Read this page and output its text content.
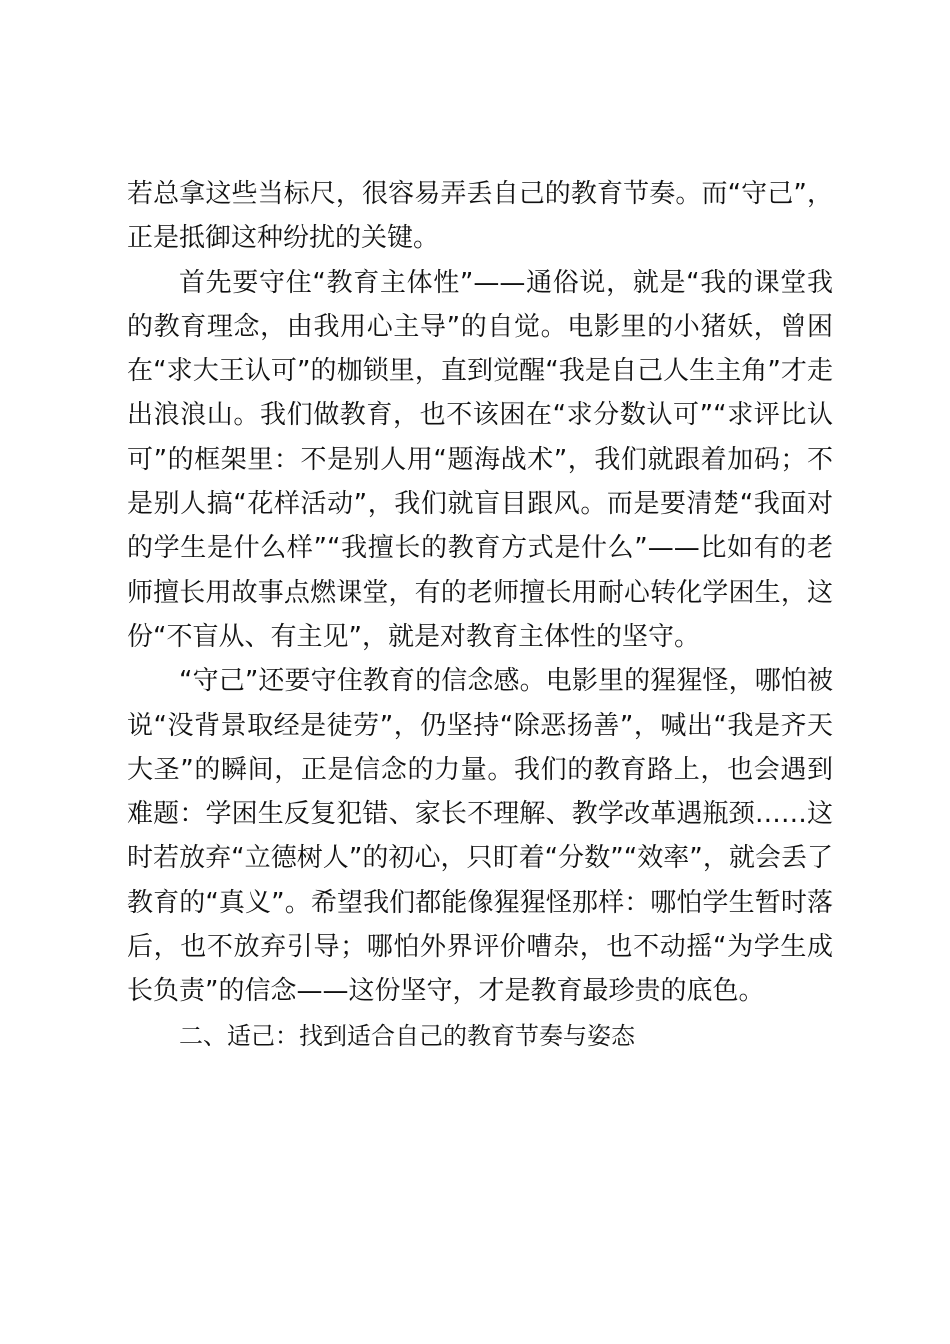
若总拿这些当标尺，很容易弄丢自己的教育节奏。而“守己”，正是抵御这种纷扰的关键。

首先要守住“教育主体性”——通俗说，就是“我的课堂我的教育理念，由我用心主导”的自觉。电影里的小猪妖，曾困在“求大王认可”的枷锁里，直到觉醒“我是自己人生主角”才走出浪浪山。我们做教育，也不该困在“求分数认可”“求评比认可”的框架里：不是别人用“题海战术”，我们就跟着加码；不是别人搞“花样活动”，我们就盲目跟风。而是要清楚“我面对的学生是什么样”“我擅长的教育方式是什么”——比如有的老师擅长用故事点燃课堂，有的老师擅长用耐心转化学困生，这份“不盲从、有主见”，就是对教育主体性的坚守。

“守己”还要守住教育的信念感。电影里的猩猩怪，哪怕被说“没背景取经是徒劳”，仍坚持“除恶扬善”，喊出“我是齐天大圣”的瞬间，正是信念的力量。我们的教育路上，也会遇到难题：学困生反复犯错、家长不理解、教学改革遇瓶颈……这时若放弃“立德树人”的初心，只盯着“分数”“效率”，就会丢了教育的“真义”。希望我们都能像猩猩怪那样：哪怕学生暂时落后，也不放弃引导；哪怕外界评价嘈杂，也不动摇“为学生成长负责”的信念——这份坚守，才是教育最珍贵的底色。

二、适己：找到适合自己的教育节奏与姿态
